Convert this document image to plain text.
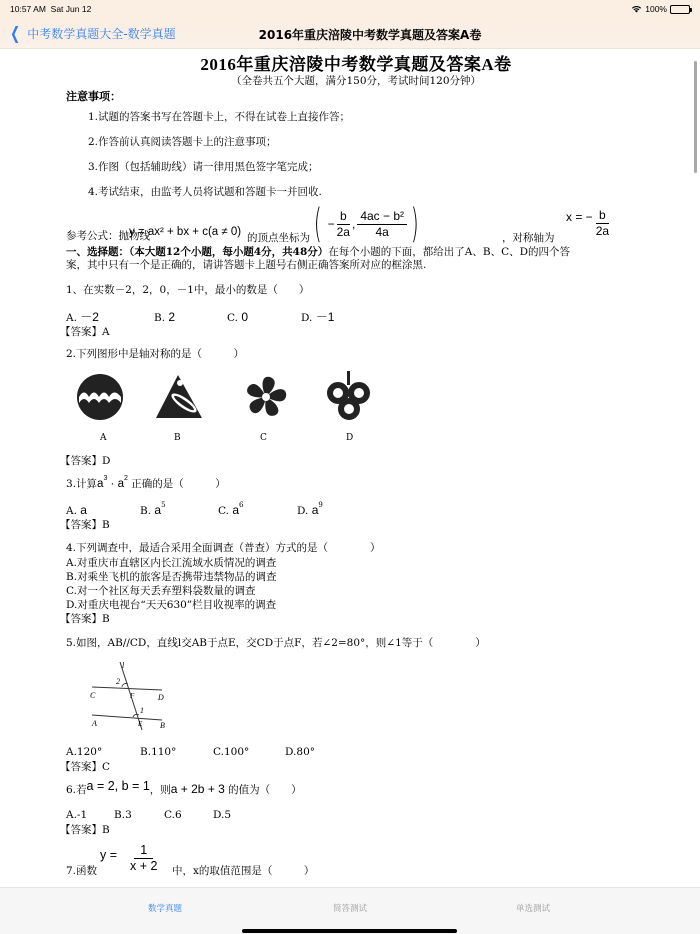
10:57 AM Sat Jun 12	100%
❮ 中考数学真题大全-数学真题	2016年重庆涪陵中考数学真题及答案A卷
2016年重庆涪陵中考数学真题及答案A卷
（全卷共五个大题，满分150分，考试时间120分钟）
注意事项：
1.试题的答案书写在答题卡上，不得在试卷上直接作答；
2.作答前认真阅读答题卡上的注意事项；
3.作图（包括辅助线）请一律用黑色签字笔完成；
4.考试结束，由监考人员将试题和答题卡一并回收.
参考公式：抛物线
y = ax² + bx + c(a ≠ 0) 的顶点坐标为 ( − $\frac{b}{2a}$ , $\frac{\text{4ac − b²}}{4a}$ )	，对称轴为
x = − $\frac{b}{2a}$
一、选择题：（本大题12个小题，每小题4分，共48分）在每个小题的下面，都给出了A、B、C、D的四个答
案，其中只有一个是正确的，请讲答题卡上题号右侧正确答案所对应的框涂黑.
1、在实数－2，2，0，－1中，最小的数是（　　）
A. －2	B. 2	C. 0	D. －1
【答案】A
2.下列图形中是轴对称的是（　　　）
A	B	C	D
【答案】D
3.计算$a^3 \cdot a^2$ 正确的是（　　　）
A. a	B. $a^5$	C. $a^6$	D. $a^9$
【答案】B
4.下列调查中，最适合采用全面调查（普查）方式的是（　　　　）
A.对重庆市直辖区内长江流域水质情况的调查
B.对乘坐飞机的旅客是否携带违禁物品的调查
C.对一个社区每天丢弃塑料袋数量的调查
D.对重庆电视台“天天630”栏目收视率的调查
【答案】B
5.如图，AB//CD，直线l交AB于点E，交CD于点F，若∠2=80°，则∠1等于（　　　　）
l
2
C	F	D
1
A	E B
A.120°	B.110°	C.100°	D.80°
【答案】C
6.若a = 2, b = 1，则a + 2b + 3 的值为（　　）
A.-1	B.3	C.6	D.5
【答案】B
7.函数
$y = \frac{1}{x + 2}$ 中，x的取值范围是（　　　）
数学真题	简答测试	单选测试
